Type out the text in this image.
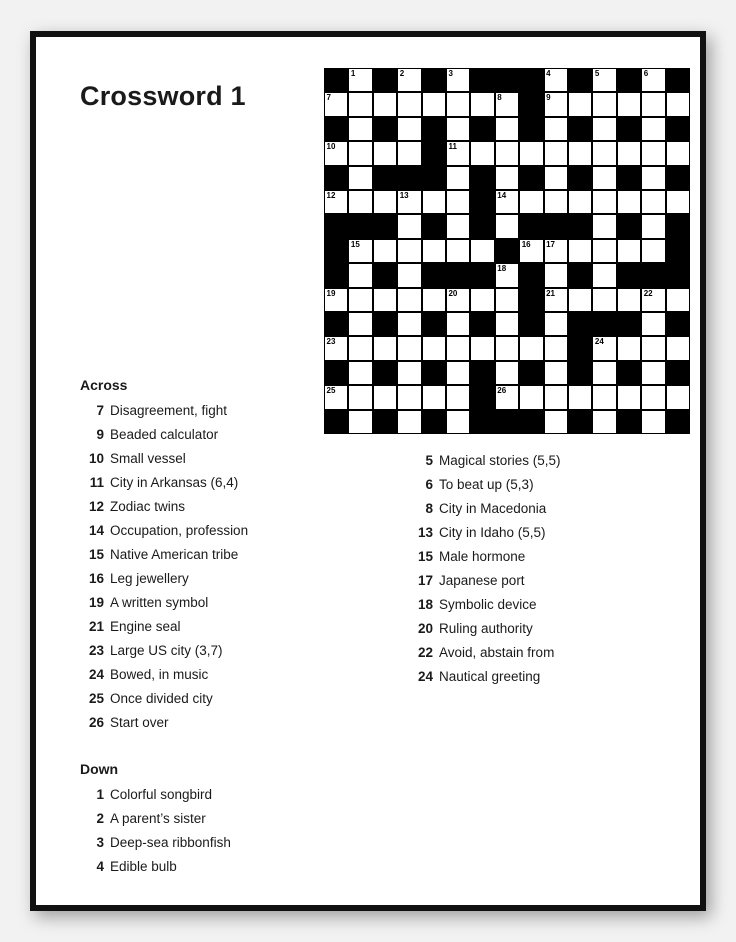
Crossword 1
1	2	3	4	5	6
7	8	9
10	11
12	13	14
15	16 17
18
19	20	21	22
23	24
25	26
Across
7 Disagreement, fight
9 Beaded calculator
10 Small vessel
11 City in Arkansas (6,4)
12 Zodiac twins
14 Occupation, profession
15 Native American tribe
16 Leg jewellery
19 A written symbol
21 Engine seal
23 Large US city (3,7)
24 Bowed, in music
25 Once divided city
26 Start over
5 Magical stories (5,5)
6 To beat up (5,3)
8 City in Macedonia
13 City in Idaho (5,5)
15 Male hormone
17 Japanese port
18 Symbolic device
20 Ruling authority
22 Avoid, abstain from
24 Nautical greeting
Down
1 Colorful songbird
2 A parent’s sister
3 Deep-sea ribbonfish
4 Edible bulb
